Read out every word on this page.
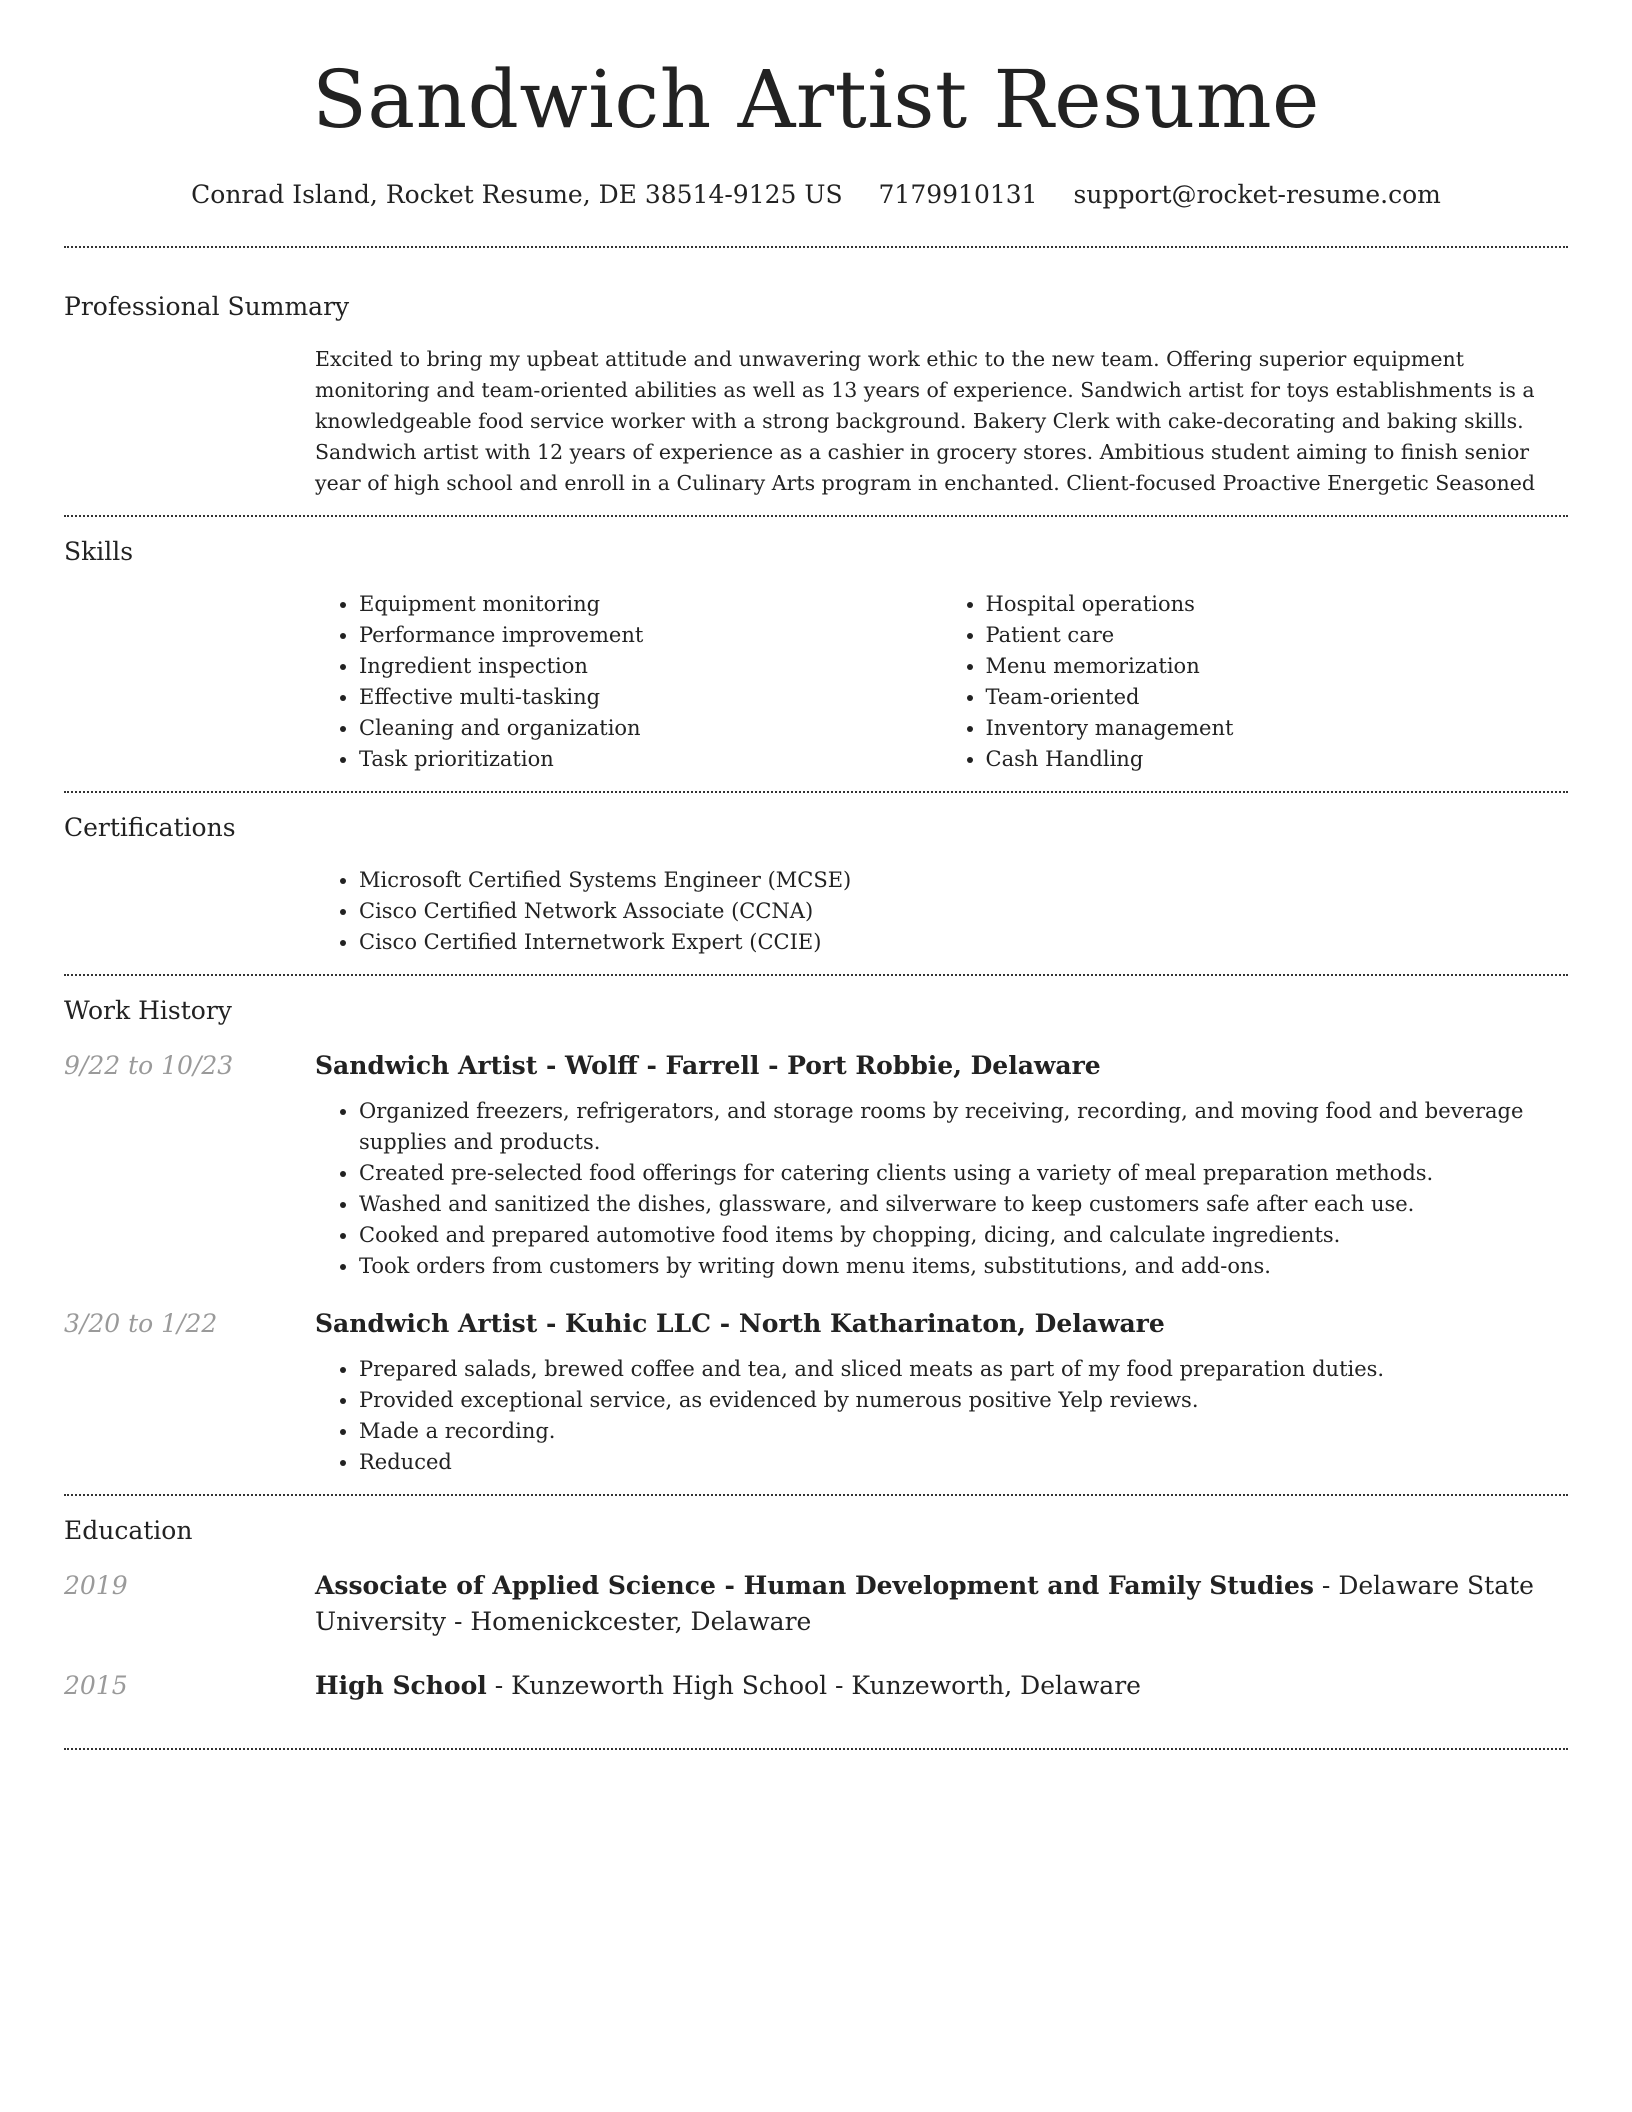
Sandwich Artist Resume
Conrad Island, Rocket Resume, DE 38514-9125 US 7179910131 support@rocket-resume.com
Professional Summary

Excited to bring my upbeat attitude and unwavering work ethic to the new team. Offering superior equipment monitoring and team-oriented abilities as well as 13 years of experience. Sandwich artist for toys establishments is a knowledgeable food service worker with a strong background. Bakery Clerk with cake-decorating and baking skills. Sandwich artist with 12 years of experience as a cashier in grocery stores. Ambitious student aiming to finish senior year of high school and enroll in a Culinary Arts program in enchanted. Client-focused Proactive Energetic Seasoned

Skills
• Equipment monitoring
• Performance improvement
• Ingredient inspection
• Effective multi-tasking
• Cleaning and organization
• Task prioritization
• Hospital operations
• Patient care
• Menu memorization
• Team-oriented
• Inventory management
• Cash Handling
Certifications
• Microsoft Certified Systems Engineer (MCSE)
• Cisco Certified Network Associate (CCNA)
• Cisco Certified Internetwork Expert (CCIE)
Work History
9/22 to 10/23	Sandwich Artist - Wolff - Farrell - Port Robbie, Delaware
• Organized freezers, refrigerators, and storage rooms by receiving, recording, and moving food and beverage supplies and products.
• Created pre-selected food offerings for catering clients using a variety of meal preparation methods.
• Washed and sanitized the dishes, glassware, and silverware to keep customers safe after each use.
• Cooked and prepared automotive food items by chopping, dicing, and calculate ingredients.
• Took orders from customers by writing down menu items, substitutions, and add-ons.
3/20 to 1/22	Sandwich Artist - Kuhic LLC - North Katharinaton, Delaware
• Prepared salads, brewed coffee and tea, and sliced meats as part of my food preparation duties.
• Provided exceptional service, as evidenced by numerous positive Yelp reviews.
• Made a recording.
• Reduced
Education
2019	Associate of Applied Science - Human Development and Family Studies - Delaware State University - Homenickcester, Delaware
2015	High School - Kunzeworth High School - Kunzeworth, Delaware
